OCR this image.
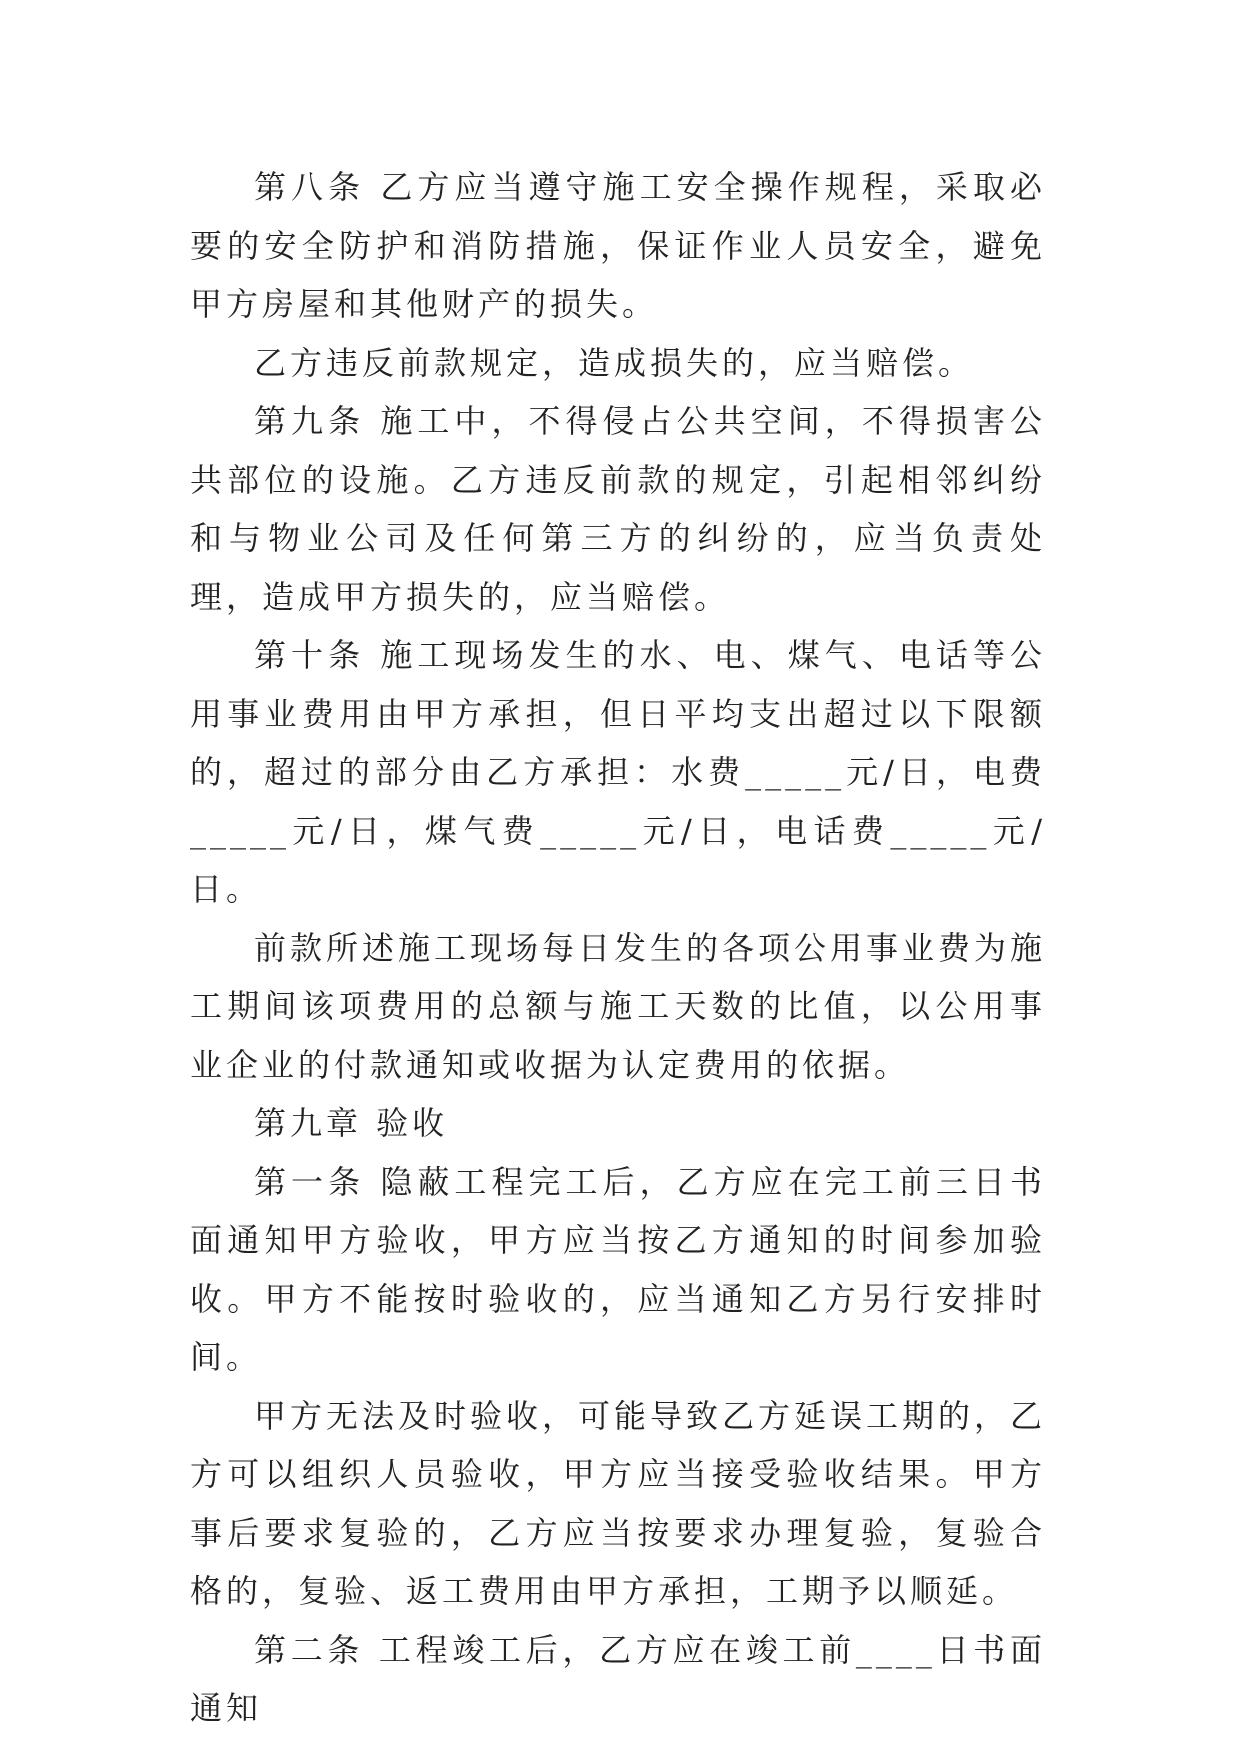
第八条 乙方应当遵守施工安全操作规程，采取必要的安全防护和消防措施，保证作业人员安全，避免甲方房屋和其他财产的损失。

乙方违反前款规定，造成损失的，应当赔偿。

第九条 施工中，不得侵占公共空间，不得损害公共部位的设施。乙方违反前款的规定，引起相邻纠纷和与物业公司及任何第三方的纠纷的，应当负责处理，造成甲方损失的，应当赔偿。

第十条 施工现场发生的水、电、煤气、电话等公用事业费用由甲方承担，但日平均支出超过以下限额的，超过的部分由乙方承担：水费_____元/日，电费_____元/日，煤气费_____元/日，电话费_____元/日。

前款所述施工现场每日发生的各项公用事业费为施工期间该项费用的总额与施工天数的比值，以公用事业企业的付款通知或收据为认定费用的依据。

第九章 验收

第一条 隐蔽工程完工后，乙方应在完工前三日书面通知甲方验收，甲方应当按乙方通知的时间参加验收。甲方不能按时验收的，应当通知乙方另行安排时间。

甲方无法及时验收，可能导致乙方延误工期的，乙方可以组织人员验收，甲方应当接受验收结果。甲方事后要求复验的，乙方应当按要求办理复验，复验合格的，复验、返工费用由甲方承担，工期予以顺延。

第二条 工程竣工后，乙方应在竣工前____日书面通知
